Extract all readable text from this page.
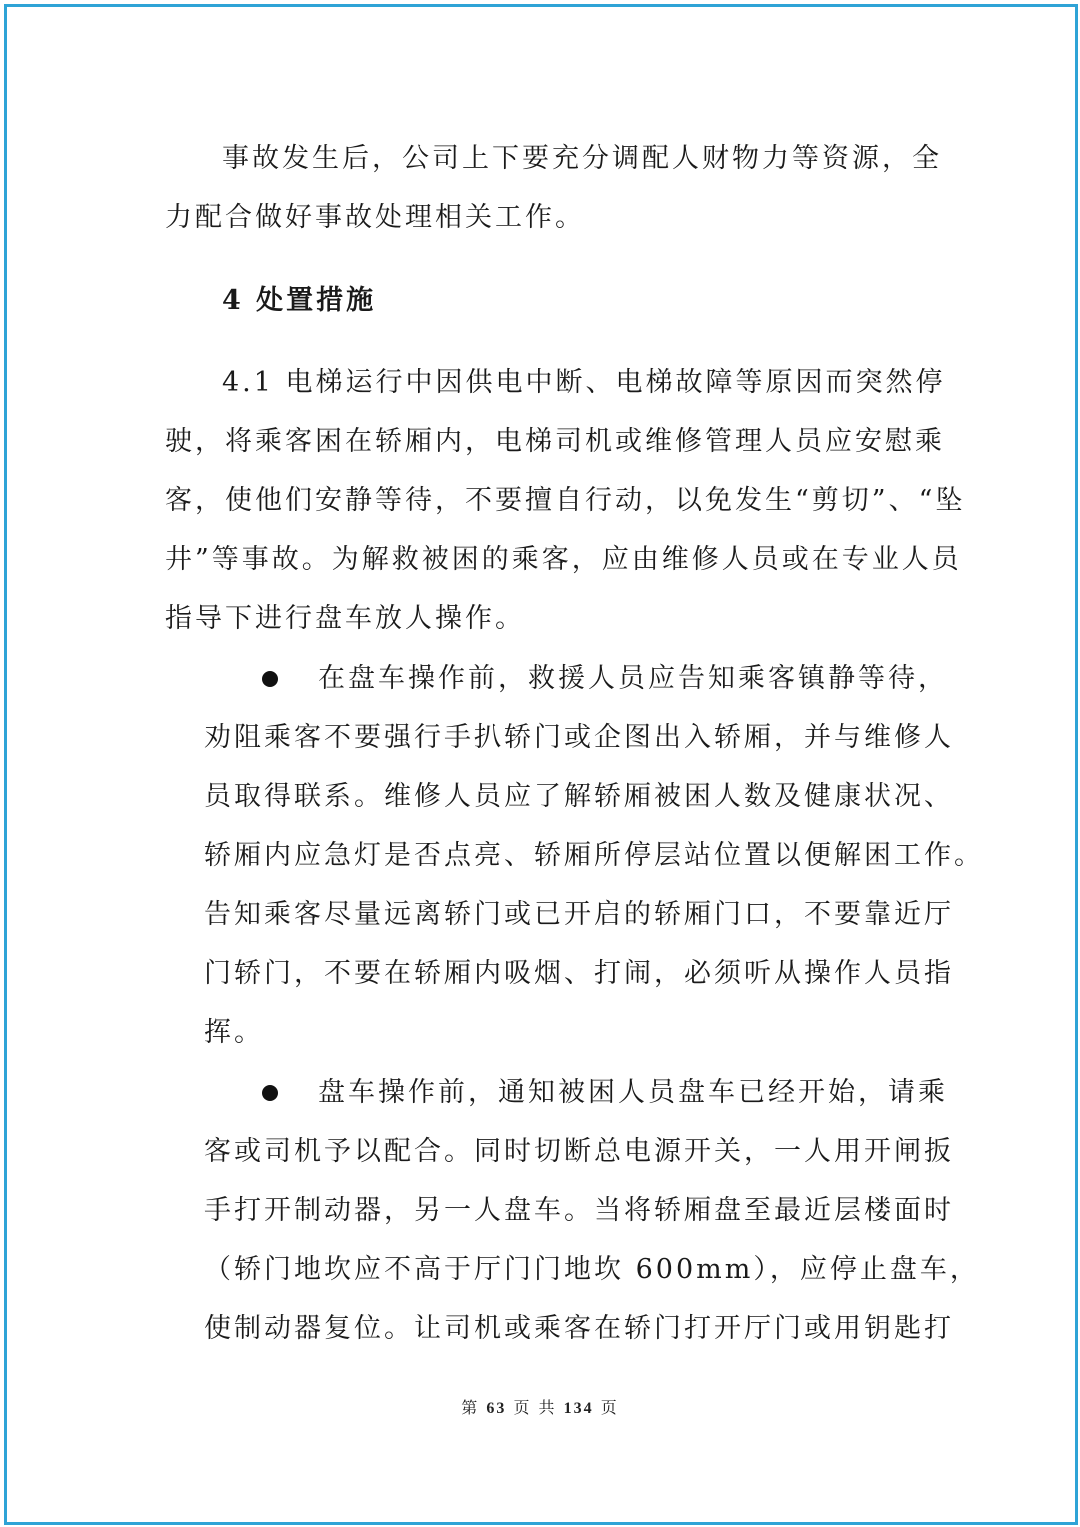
事故发生后，公司上下要充分调配人财物力等资源，全
力配合做好事故处理相关工作。
4 处置措施
4.1 电梯运行中因供电中断、电梯故障等原因而突然停
驶，将乘客困在轿厢内，电梯司机或维修管理人员应安慰乘
客，使他们安静等待，不要擅自行动，以免发生“剪切”、“坠
井”等事故。为解救被困的乘客，应由维修人员或在专业人员
指导下进行盘车放人操作。
在盘车操作前，救援人员应告知乘客镇静等待，
劝阻乘客不要强行手扒轿门或企图出入轿厢，并与维修人
员取得联系。维修人员应了解轿厢被困人数及健康状况、
轿厢内应急灯是否点亮、轿厢所停层站位置以便解困工作。
告知乘客尽量远离轿门或已开启的轿厢门口，不要靠近厅
门轿门，不要在轿厢内吸烟、打闹，必须听从操作人员指
挥。
盘车操作前，通知被困人员盘车已经开始，请乘
客或司机予以配合。同时切断总电源开关，一人用开闸扳
手打开制动器，另一人盘车。当将轿厢盘至最近层楼面时
（轿门地坎应不高于厅门门地坎 600mm），应停止盘车，
使制动器复位。让司机或乘客在轿门打开厅门或用钥匙打
第 63 页 共 134 页
